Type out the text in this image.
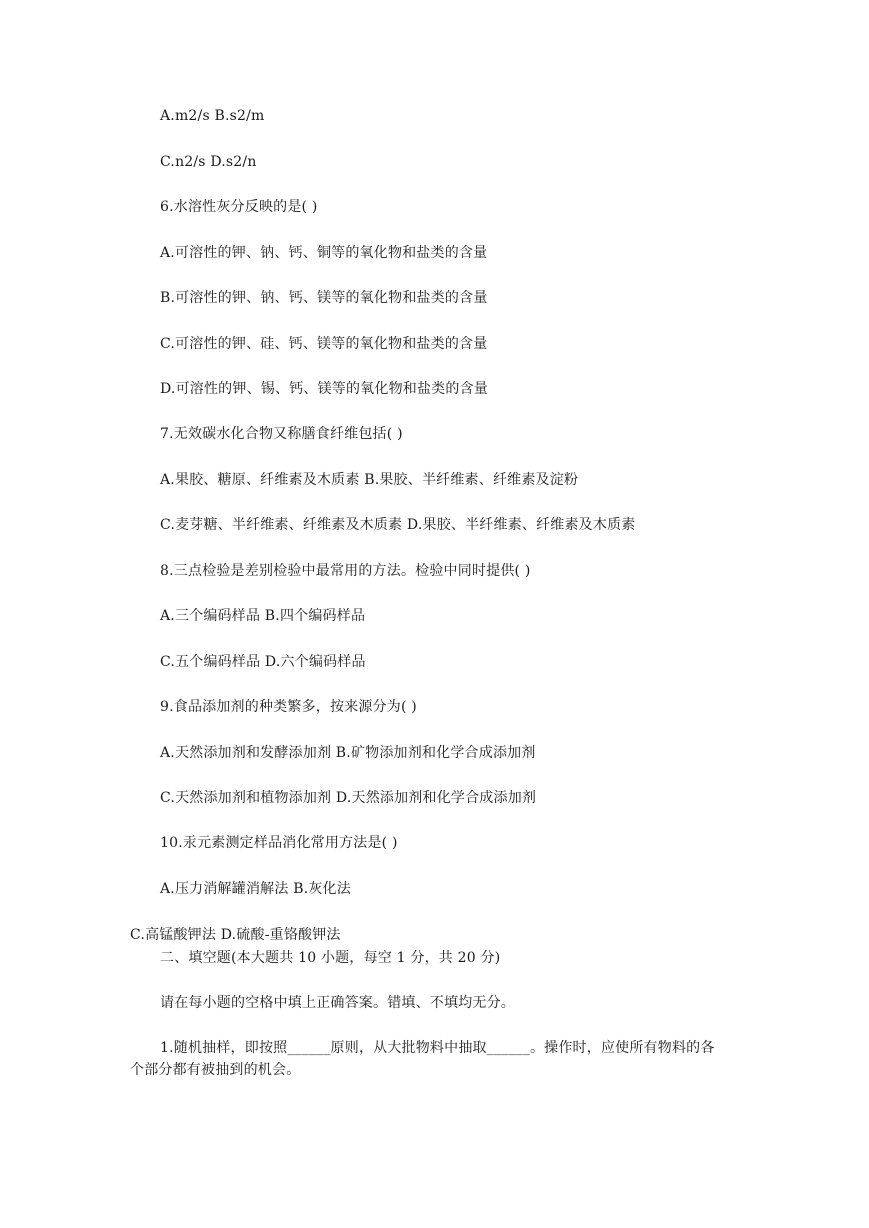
A.m2/s B.s2/m
C.n2/s D.s2/n
6.水溶性灰分反映的是( )
A.可溶性的钾、钠、钙、铜等的氧化物和盐类的含量
B.可溶性的钾、钠、钙、镁等的氧化物和盐类的含量
C.可溶性的钾、硅、钙、镁等的氧化物和盐类的含量
D.可溶性的钾、锡、钙、镁等的氧化物和盐类的含量
7.无效碳水化合物又称膳食纤维包括( )
A.果胶、糖原、纤维素及木质素 B.果胶、半纤维素、纤维素及淀粉
C.麦芽糖、半纤维素、纤维素及木质素 D.果胶、半纤维素、纤维素及木质素
8.三点检验是差别检验中最常用的方法。检验中同时提供( )
A.三个编码样品 B.四个编码样品
C.五个编码样品 D.六个编码样品
9.食品添加剂的种类繁多，按来源分为( )
A.天然添加剂和发酵添加剂 B.矿物添加剂和化学合成添加剂
C.天然添加剂和植物添加剂 D.天然添加剂和化学合成添加剂
10.汞元素测定样品消化常用方法是( )
A.压力消解罐消解法 B.灰化法
C.高锰酸钾法 D.硫酸-重铬酸钾法
二、填空题(本大题共 10 小题，每空 1 分，共 20 分)
请在每小题的空格中填上正确答案。错填、不填均无分。
1.随机抽样，即按照______原则，从大批物料中抽取______。操作时，应使所有物料的各个部分都有被抽到的机会。
